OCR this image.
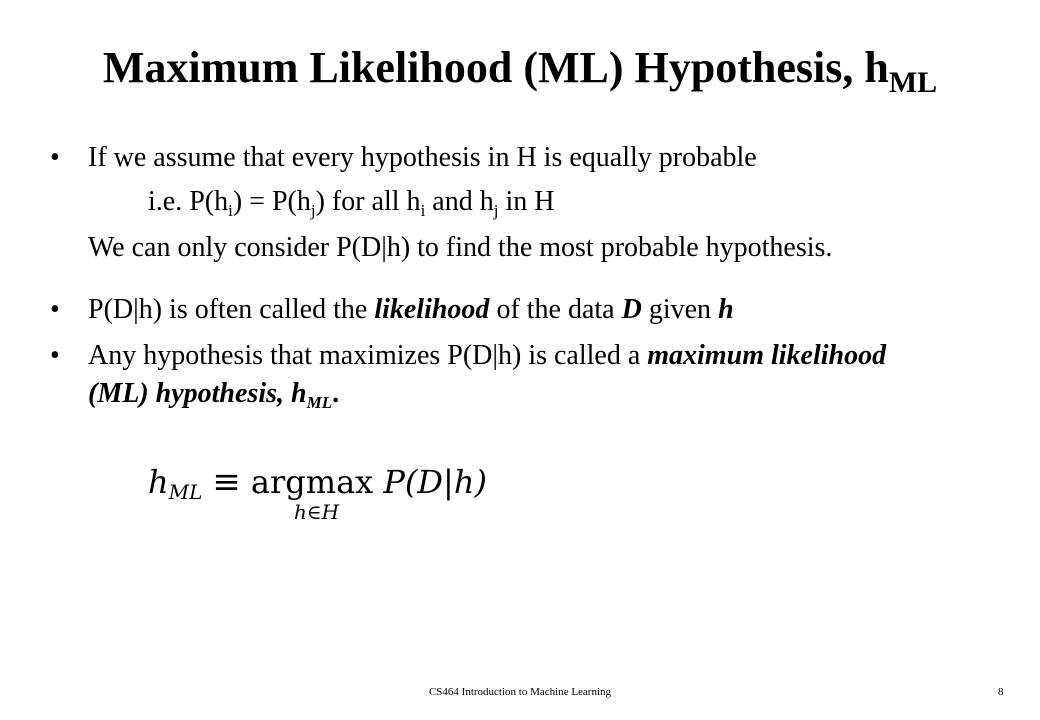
Maximum Likelihood (ML) Hypothesis, $h_{ML}$
• If we assume that every hypothesis in H is equally probable
i.e. $P(h_i) = P(h_j)$ for all $h_i$ and $h_j$ in H
We can only consider P(D|h) to find the most probable hypothesis.
• P(D|h) is often called the likelihood of the data D given h
• Any hypothesis that maximizes P(D|h) is called a maximum likelihood
(ML) hypothesis, $h_{ML}$.
$h_{ML} \equiv argmax$ P(D|h)
h∈H
CS464 Introduction to Machine Learning	8
